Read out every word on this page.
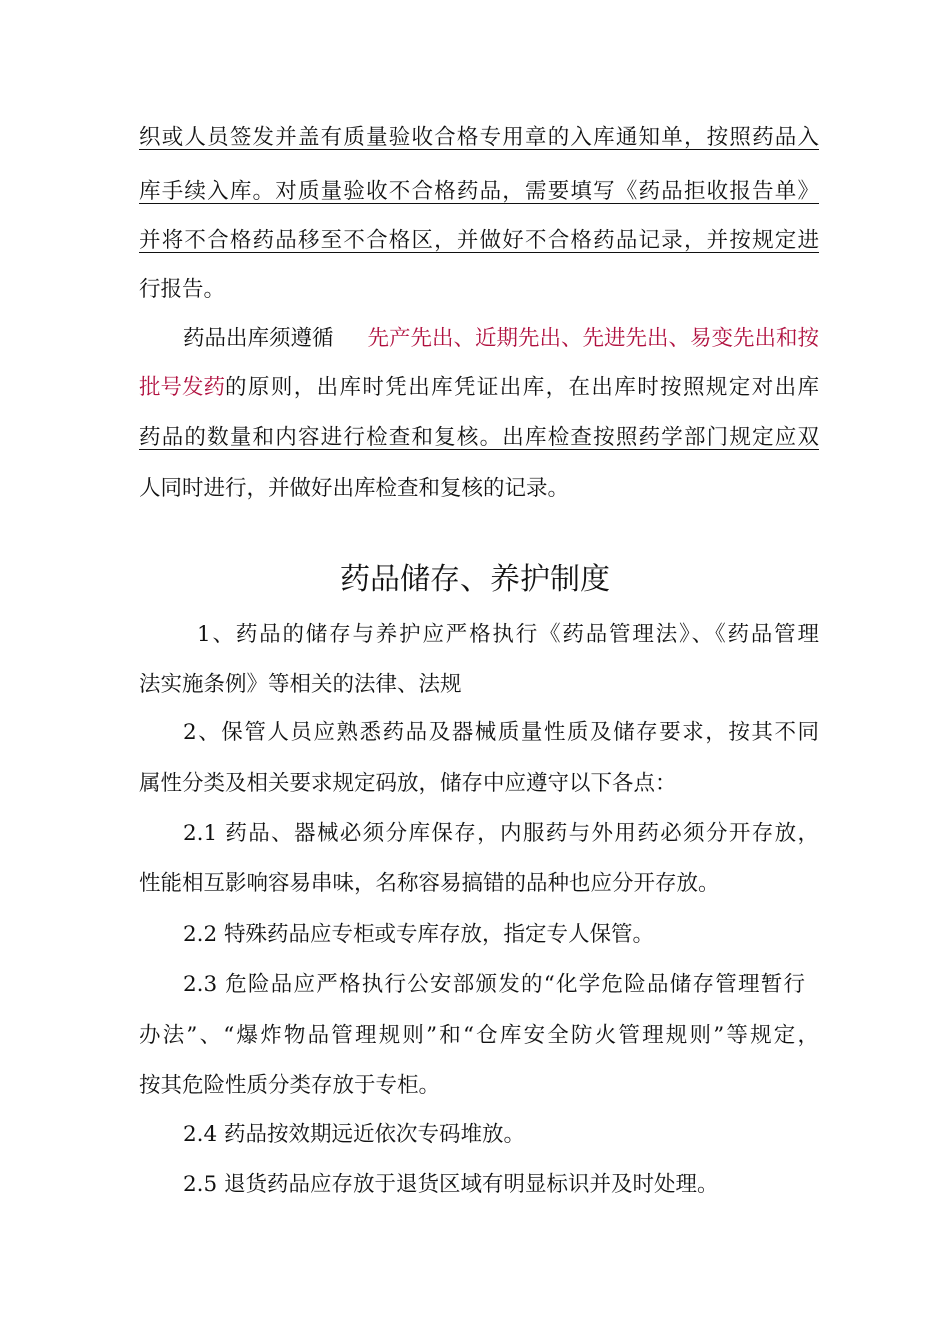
织或人员签发并盖有质量验收合格专用章的入库通知单，按照药品入
库手续入库。对质量验收不合格药品，需要填写《药品拒收报告单》
并将不合格药品移至不合格区，并做好不合格药品记录，并按规定进
行报告。
药品出库须遵循 先产先出、近期先出、先进先出、易变先出和按
批号发药 的原则，出库时凭出库凭证出库，在出库时按照规定对出库
药品的数量和内容进行检查和复核。出库检查按照药学部门规定应双
人同时进行，并做好出库检查和复核的记录。
药品储存、养护制度
1、药品的储存与养护应严格执行《药品管理法》、《药品管理
法实施条例》等相关的法律、法规
2、保管人员应熟悉药品及器械质量性质及储存要求，按其不同
属性分类及相关要求规定码放，储存中应遵守以下各点：
2.1 药品、器械必须分库保存，内服药与外用药必须分开存放，
性能相互影响容易串味，名称容易搞错的品种也应分开存放。
2.2 特殊药品应专柜或专库存放，指定专人保管。
2.3 危险品应严格执行公安部颁发的“化学危险品储存管理暂行
办法”、“爆炸物品管理规则”和“仓库安全防火管理规则”等规定，
按其危险性质分类存放于专柜。
2.4 药品按效期远近依次专码堆放。
2.5 退货药品应存放于退货区域有明显标识并及时处理。
